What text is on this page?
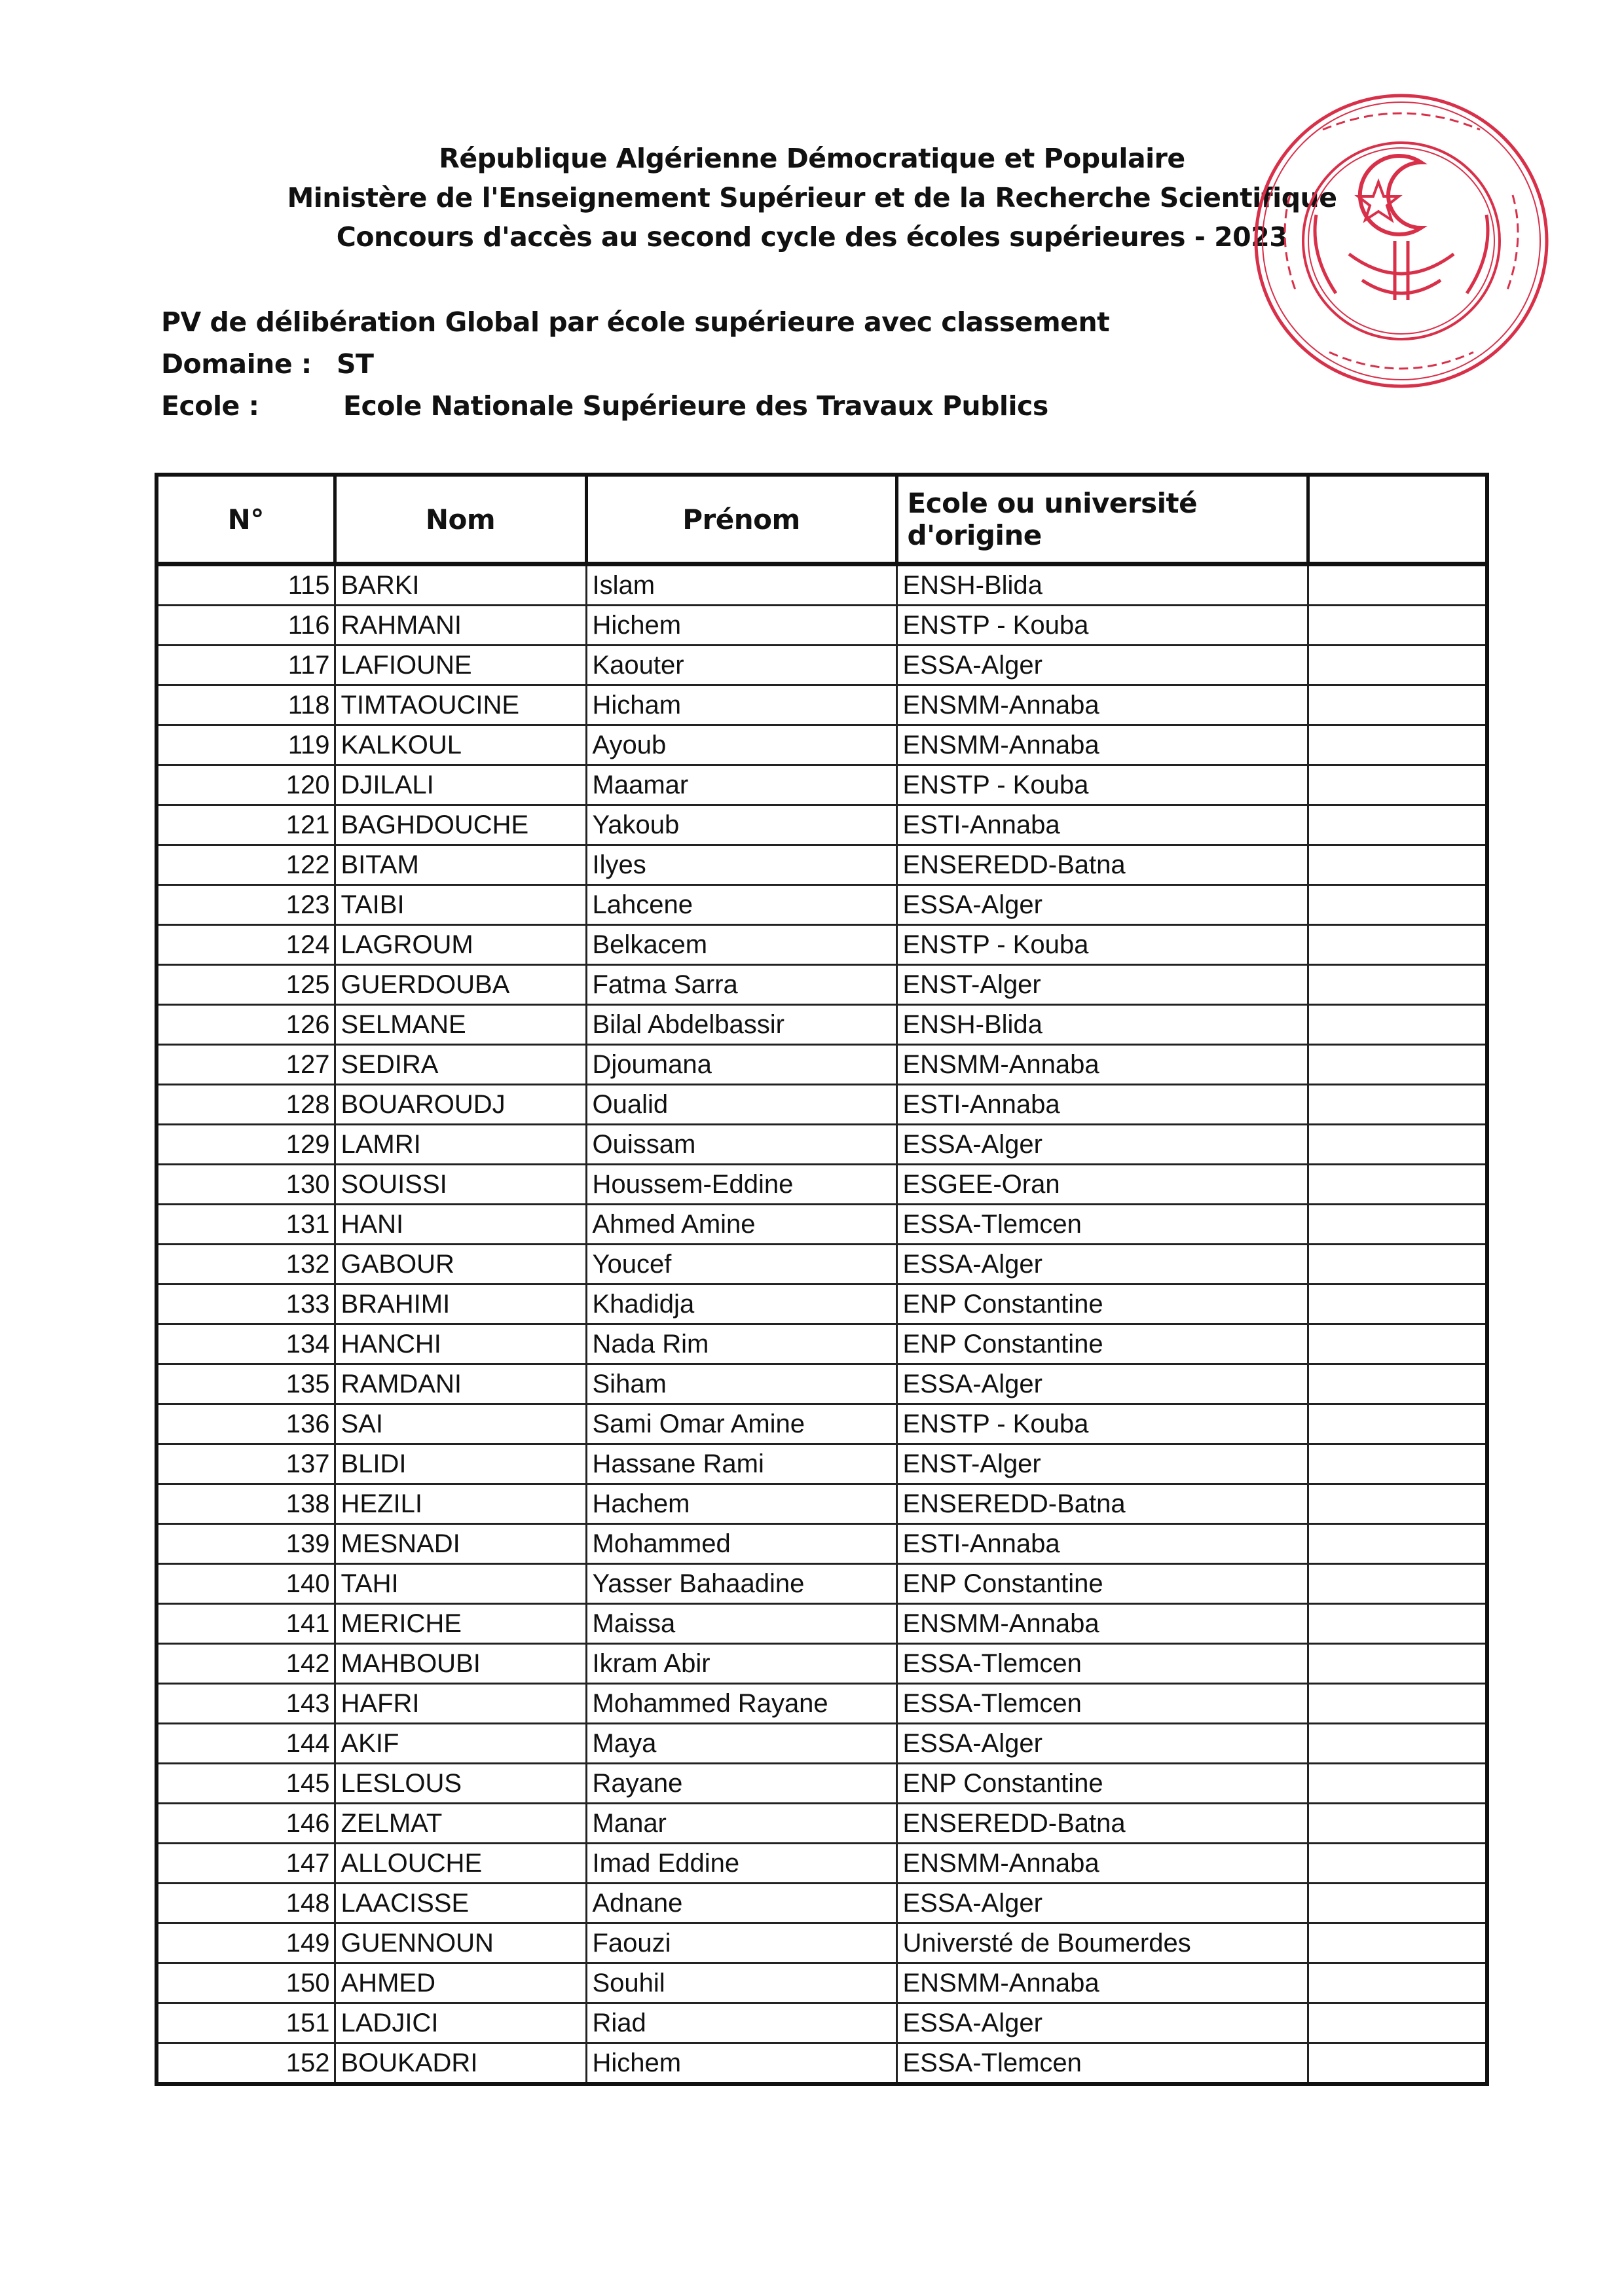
République Algérienne Démocratique et Populaire
Ministère de l'Enseignement Supérieur et de la Recherche Scientifique
Concours d'accès au second cycle des écoles supérieures - 2023
PV de délibération Global par école supérieure avec classement
Domaine : ST
Ecole :	Ecole Nationale Supérieure des Travaux Publics
N°	Nom	Prénom	Ecole ou université d'origine	
115	BARKI	Islam	ENSH-Blida	
116	RAHMANI	Hichem	ENSTP - Kouba	
117	LAFIOUNE	Kaouter	ESSA-Alger	
118	TIMTAOUCINE	Hicham	ENSMM-Annaba	
119	KALKOUL	Ayoub	ENSMM-Annaba	
120	DJILALI	Maamar	ENSTP - Kouba	
121	BAGHDOUCHE	Yakoub	ESTI-Annaba	
122	BITAM	Ilyes	ENSEREDD-Batna	
123	TAIBI	Lahcene	ESSA-Alger	
124	LAGROUM	Belkacem	ENSTP - Kouba	
125	GUERDOUBA	Fatma Sarra	ENST-Alger	
126	SELMANE	Bilal Abdelbassir	ENSH-Blida	
127	SEDIRA	Djoumana	ENSMM-Annaba	
128	BOUAROUDJ	Oualid	ESTI-Annaba	
129	LAMRI	Ouissam	ESSA-Alger	
130	SOUISSI	Houssem-Eddine	ESGEE-Oran	
131	HANI	Ahmed Amine	ESSA-Tlemcen	
132	GABOUR	Youcef	ESSA-Alger	
133	BRAHIMI	Khadidja	ENP Constantine	
134	HANCHI	Nada Rim	ENP Constantine	
135	RAMDANI	Siham	ESSA-Alger	
136	SAI	Sami Omar Amine	ENSTP - Kouba	
137	BLIDI	Hassane Rami	ENST-Alger	
138	HEZILI	Hachem	ENSEREDD-Batna	
139	MESNADI	Mohammed	ESTI-Annaba	
140	TAHI	Yasser Bahaadine	ENP Constantine	
141	MERICHE	Maissa	ENSMM-Annaba	
142	MAHBOUBI	Ikram Abir	ESSA-Tlemcen	
143	HAFRI	Mohammed Rayane	ESSA-Tlemcen	
144	AKIF	Maya	ESSA-Alger	
145	LESLOUS	Rayane	ENP Constantine	
146	ZELMAT	Manar	ENSEREDD-Batna	
147	ALLOUCHE	Imad Eddine	ENSMM-Annaba	
148	LAACISSE	Adnane	ESSA-Alger	
149	GUENNOUN	Faouzi	Universté de Boumerdes	
150	AHMED	Souhil	ENSMM-Annaba	
151	LADJICI	Riad	ESSA-Alger	
152	BOUKADRI	Hichem	ESSA-Tlemcen	
